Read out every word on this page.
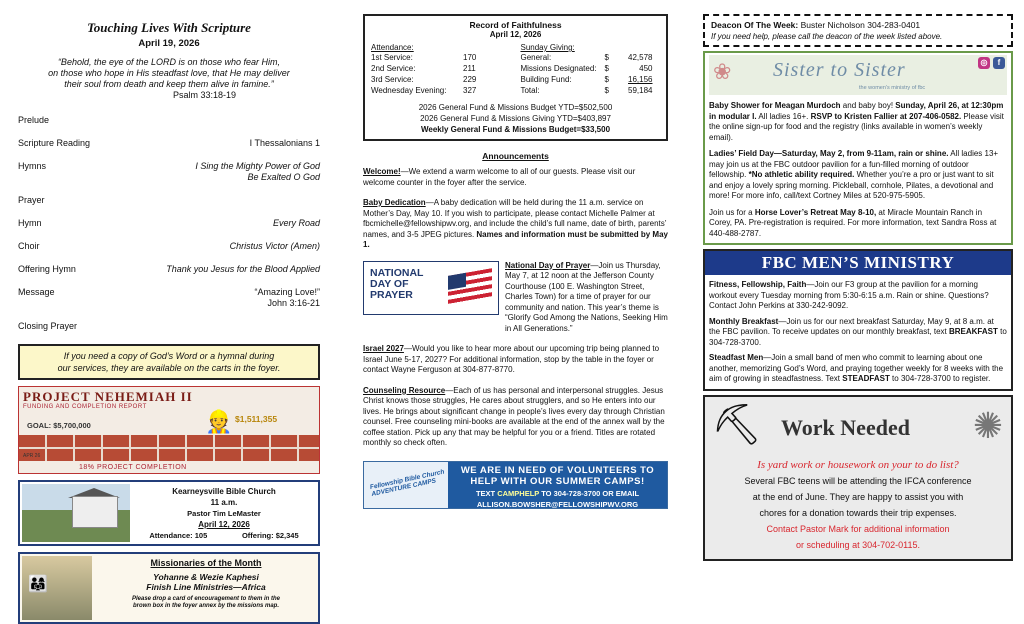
Touching Lives With Scripture
April 19, 2026
“Behold, the eye of the LORD is on those who fear Him,
on those who hope in His steadfast love, that He may deliver
their soul from death and keep them alive in famine.”
Psalm 33:18-19
Prelude
Scripture Reading	I Thessalonians 1
Hymns	I Sing the Mighty Power of God
Be Exalted O God
Prayer
Hymn	Every Road
Choir	Christus Victor (Amen)
Offering Hymn	Thank you Jesus for the Blood Applied
Message	“Amazing Love!”
John 3:16-21
Closing Prayer
If you need a copy of God’s Word or a hymnal during
our services, they are available on the carts in the foyer.
PROJECT NEHEMIAH II
FUNDING AND COMPLETION REPORT
GOAL: $5,700,000	👷 $1,511,355
APR 26
18% PROJECT COMPLETION
Kearneysville Bible Church
11 a.m.
Pastor Tim LeMaster
April 12, 2026
Attendance: 105	Offering: $2,345
👨‍👩‍👧
Missionaries of the Month
Yohanne & Wezie Kaphesi
Finish Line Ministries—Africa
Please drop a card of encouragement to them in the
brown box in the foyer annex by the missions map.
Record of Faithfulness
April 12, 2026
Attendance:
1st Service:	170
2nd Service:	211
3rd Service:	229
Wednesday Evening:	327
Sunday Giving:
General:	$	42,578
Missions Designated: $	450
Building Fund:	$	16,156
Total:	$	59,184
2026 General Fund & Missions Budget YTD=$502,500
2026 General Fund & Missions Giving YTD=$403,897
Weekly General Fund & Missions Budget=$33,500
Announcements

Welcome!—We extend a warm welcome to all of our guests. Please visit our welcome counter in the foyer after the service.

Baby Dedication—A baby dedication will be held during the 11 a.m. service on Mother’s Day, May 10. If you wish to participate, please contact Michelle Palmer at fbcmichelle@fellowshipwv.org, and include the child’s full name, date of birth, parents’ names, and 3-5 JPEG pictures. Names and information must be submitted by May 1.

NATIONAL
DAY OF
PRAYER

National Day of Prayer—Join us Thursday, May 7, at 12 noon at the Jefferson County Courthouse (100 E. Washington Street, Charles Town) for a time of prayer for our community and nation. This year’s theme is “Glorify God Among the Nations, Seeking Him in All Generations.”

Israel 2027—Would you like to hear more about our upcoming trip being planned to Israel June 5-17, 2027? For additional information, stop by the table in the foyer or contact Wayne Ferguson at 304-877-8770.

Counseling Resource—Each of us has personal and interpersonal struggles. Jesus Christ knows those struggles, He cares about strugglers, and so He enters into our lives. He brings about significant change in people’s lives every day through Christian counsel. Free counseling mini-books are available at the end of the annex wall by the coffee station. Pick up any that may be helpful for you or a friend. Titles are rotated monthly so check often.

Fellowship Bible Church ADVENTURE CAMPS
WE ARE IN NEED OF VOLUNTEERS TO
HELP WITH OUR SUMMER CAMPS!
TEXT CAMPHELP TO 304-728-3700 OR EMAIL
ALLISON.BOWSHER@FELLOWSHIPWV.ORG
Deacon Of The Week: Buster Nicholson 304-283-0401
If you need help, please call the deacon of the week listed above.
❀ Sister to Sister
the women's ministry of fbc
◎	f

Baby Shower for Meagan Murdoch and baby boy! Sunday, April 26, at 12:30pm in modular I. All ladies 16+. RSVP to Kristen Fallier at 207-406-0582. Please visit the online sign-up for food and the registry (links available in women’s weekly email).

Ladies’ Field Day—Saturday, May 2, from 9-11am, rain or shine. All ladies 13+ may join us at the FBC outdoor pavilion for a fun-filled morning of outdoor fellowship. *No athletic ability required. Whether you’re a pro or just want to sit and enjoy a lovely spring morning. Pickleball, cornhole, Pilates, a devotional and more! For more info, call/text Cortney Miles at 520-975-5905.

Join us for a Horse Lover’s Retreat May 8-10, at Miracle Mountain Ranch in Corey, PA. Pre-registration is required. For more information, text Sandra Ross at 440-488-2787.

FBC MEN’S MINISTRY

Fitness, Fellowship, Faith—Join our F3 group at the pavilion for a morning workout every Tuesday morning from 5:30-6:15 a.m. Rain or shine. Questions? Contact John Perkins at 330-242-9092.

Monthly Breakfast—Join us for our next breakfast Saturday, May 9, at 8 a.m. at the FBC pavilion. To receive updates on our monthly breakfast, text BREAKFAST to 304-728-3700.

Steadfast Men—Join a small band of men who commit to learning about one another, memorizing God’s Word, and praying together weekly for 8 weeks with the aim of growing in steadfastness. Text STEADFAST to 304-728-3700 to register.

⛏	✺
Work Needed
Is yard work or housework on your to do list?
Several FBC teens will be attending the IFCA conference
at the end of June. They are happy to assist you with
chores for a donation towards their trip expenses.
Contact Pastor Mark for additional information
or scheduling at 304-702-0115.
